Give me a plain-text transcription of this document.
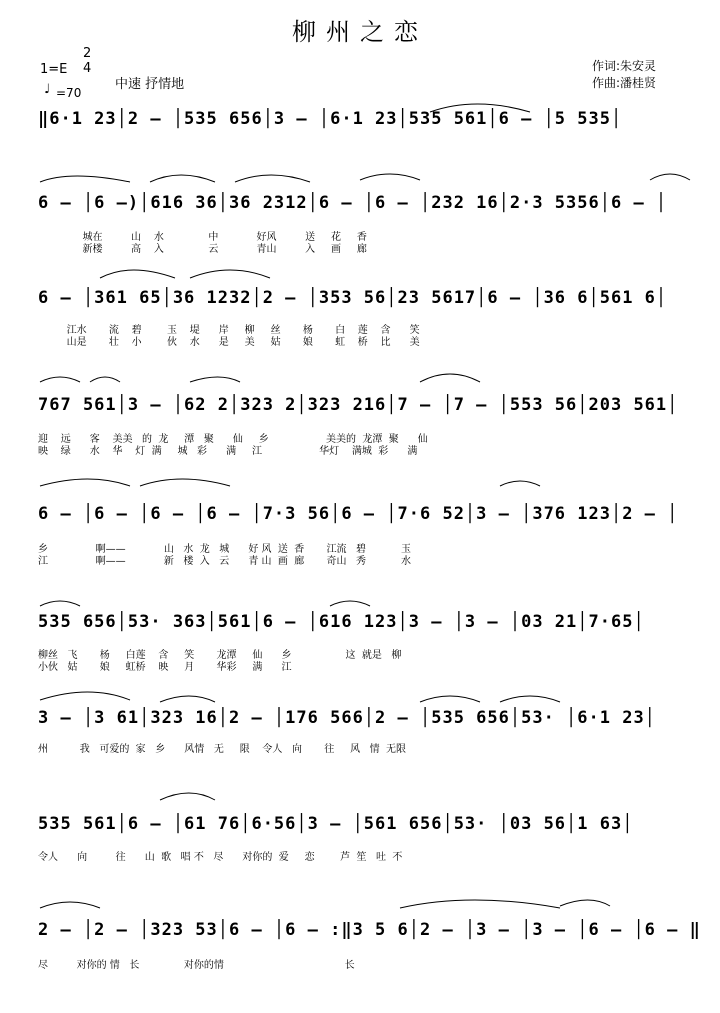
柳州之恋
1=E
2
4
♩ =70
中速 抒情地
作词:朱安灵
作曲:潘桂贤
‖6·1 23│2 – │535 656│3 – │6·1 23│535 561│6 – │5 535│
6 – │6 –)│616 36│36 2312│6 – │6 – │232 16│2·3 5356│6 – │
城在         山    水              中            好风         送     花     香
新楼         高    入              云            青山         入     画     廊
6 – │361 65│36 1232│2 – │353 56│23 5617│6 – │36 6│561 6│
江水       流    碧        玉    堤      岸     柳     丝       杨       白    莲    含      笑
山是       壮    小        伙    水      是     美     姑       娘       虹    桥    比      美
767 561│3 – │62 2│323 2│323 216│7 – │7 – │553 56│203 561│
迎    远      客    美美   的  龙     潭   聚      仙     乡                  美美的  龙潭  聚      仙
映    绿      水    华    灯  满     城   彩      满     江                  华灯    满城  彩      满
6 – │6 – │6 – │6 – │7·3 56│6 – │7·6 52│3 – │376 123│2 – │
乡               啊——            山   水  龙   城      好 风  送  香       江流   碧           玉
江               啊——            新   楼  入   云      青 山  画  廊       奇山   秀           水
535 656│53· 363│561│6 – │616 123│3 – │3 – │03 21│7·65│
柳丝   飞       杨     白莲    含     笑       龙潭     仙      乡                 这  就是   柳
小伙   姑       娘     虹桥    映     月       华彩     满      江
3 – │3 61│323 16│2 – │176 566│2 – │535 656│53· │6·1 23│
州          我   可爱的  家   乡      风情   无     限    令人   向       往     风   情  无限
535 561│6 – │61 76│6·56│3 – │561 656│53· │03 56│1 63│
令人      向         往      山  歌   唱 不   尽      对你的  爱     恋        芦  笙   吐  不
2 – │2 – │323 53│6 – │6 – :‖3 5 6│2 – │3 – │3 – │6 – │6 – ‖
尽         对你的 情   长              对你的情                                      长
